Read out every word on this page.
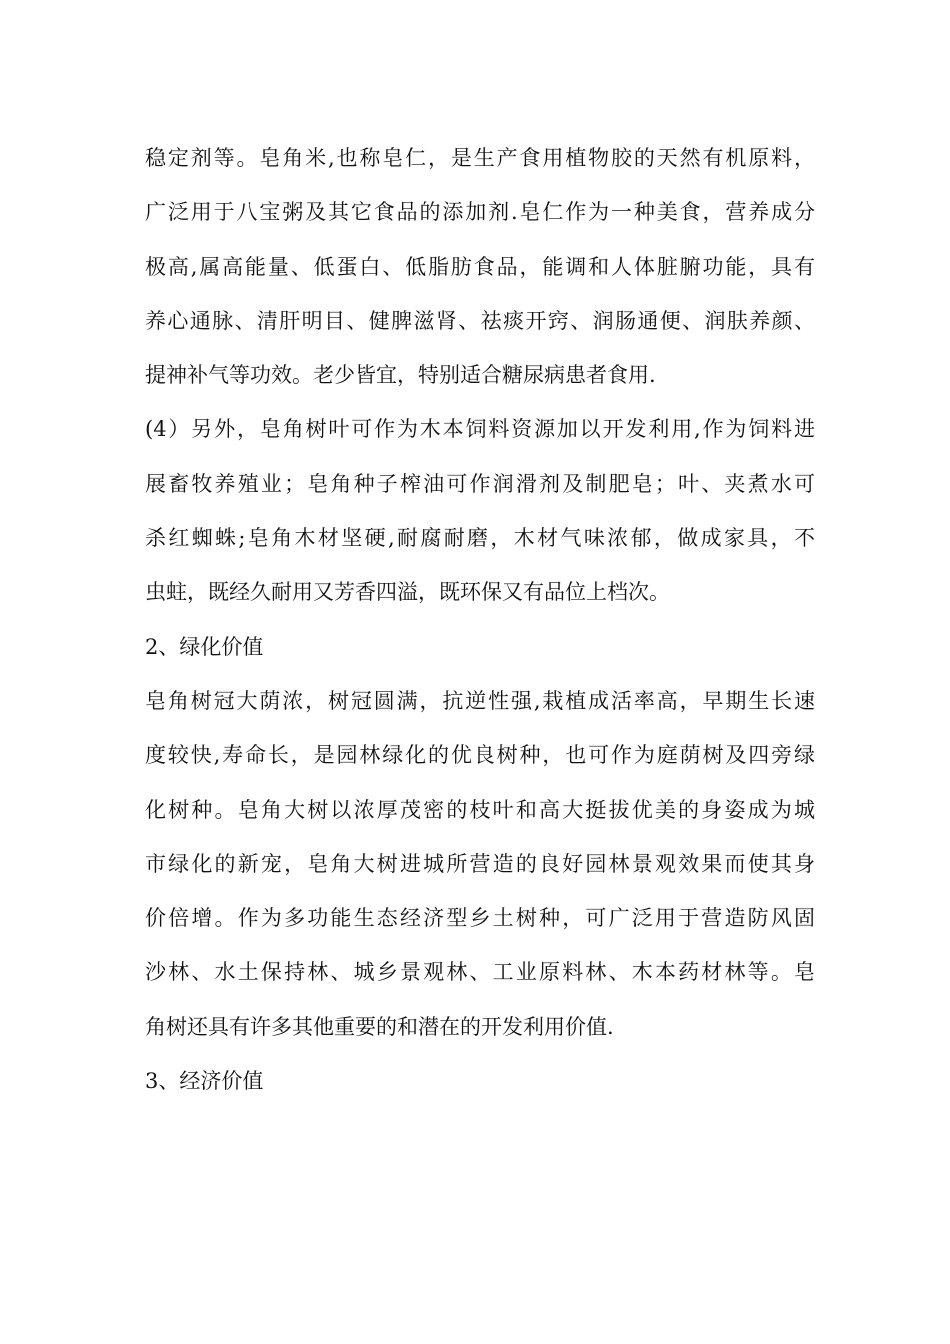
稳定剂等。皂角米,也称皂仁，是生产食用植物胶的天然有机原料，
广泛用于八宝粥及其它食品的添加剂.皂仁作为一种美食，营养成分
极高,属高能量、低蛋白、低脂肪食品，能调和人体脏腑功能，具有
养心通脉、清肝明目、健脾滋肾、祛痰开窍、润肠通便、润肤养颜、
提神补气等功效。老少皆宜，特别适合糖尿病患者食用.

(4）另外，皂角树叶可作为木本饲料资源加以开发利用,作为饲料进
展畜牧养殖业；皂角种子榨油可作润滑剂及制肥皂；叶、夹煮水可
杀红蜘蛛;皂角木材坚硬,耐腐耐磨，木材气味浓郁，做成家具，不
虫蛀，既经久耐用又芳香四溢，既环保又有品位上档次。

2、绿化价值

皂角树冠大荫浓，树冠圆满，抗逆性强,栽植成活率高，早期生长速
度较快,寿命长，是园林绿化的优良树种，也可作为庭荫树及四旁绿
化树种。皂角大树以浓厚茂密的枝叶和高大挺拔优美的身姿成为城
市绿化的新宠，皂角大树进城所营造的良好园林景观效果而使其身
价倍增。作为多功能生态经济型乡土树种，可广泛用于营造防风固
沙林、水土保持林、城乡景观林、工业原料林、木本药材林等。皂
角树还具有许多其他重要的和潜在的开发利用价值.

3、经济价值
